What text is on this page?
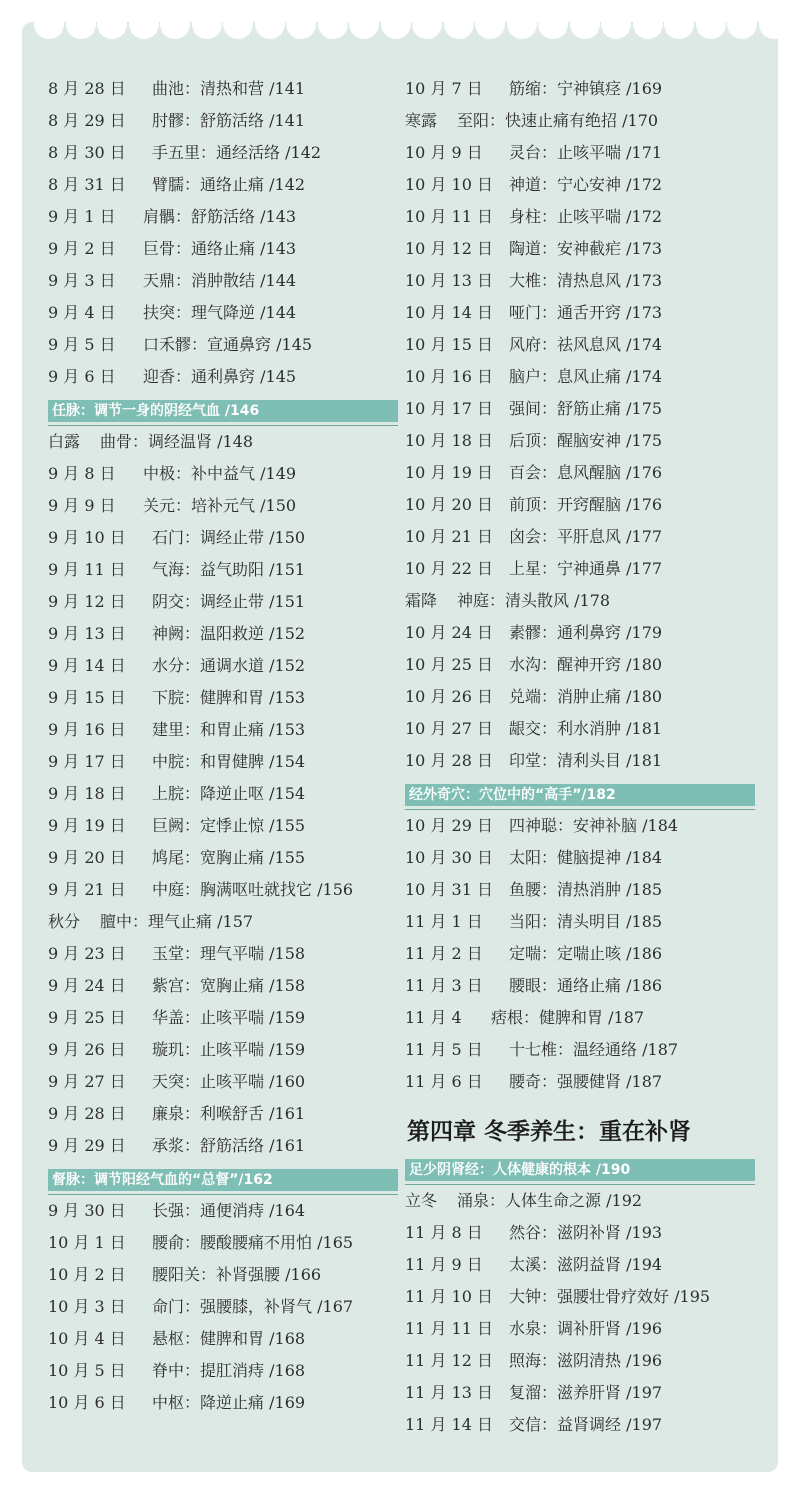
8 月 28 日 曲池：清热和营 /141
8 月 29 日 肘髎：舒筋活络 /141
8 月 30 日 手五里：通经活络 /142
8 月 31 日 臂臑：通络止痛 /142
9 月 1 日 肩髃：舒筋活络 /143
9 月 2 日 巨骨：通络止痛 /143
9 月 3 日 天鼎：消肿散结 /144
9 月 4 日 扶突：理气降逆 /144
9 月 5 日 口禾髎：宣通鼻窍 /145
9 月 6 日 迎香：通利鼻窍 /145
任脉：调节一身的阴经气血 /146
白露 曲骨：调经温肾 /148
9 月 8 日 中极：补中益气 /149
9 月 9 日 关元：培补元气 /150
9 月 10 日 石门：调经止带 /150
9 月 11 日 气海：益气助阳 /151
9 月 12 日 阴交：调经止带 /151
9 月 13 日 神阙：温阳救逆 /152
9 月 14 日 水分：通调水道 /152
9 月 15 日 下脘：健脾和胃 /153
9 月 16 日 建里：和胃止痛 /153
9 月 17 日 中脘：和胃健脾 /154
9 月 18 日 上脘：降逆止呕 /154
9 月 19 日 巨阙：定悸止惊 /155
9 月 20 日 鸠尾：宽胸止痛 /155
9 月 21 日 中庭：胸满呕吐就找它 /156
秋分 膻中：理气止痛 /157
9 月 23 日 玉堂：理气平喘 /158
9 月 24 日 紫宫：宽胸止痛 /158
9 月 25 日 华盖：止咳平喘 /159
9 月 26 日 璇玑：止咳平喘 /159
9 月 27 日 天突：止咳平喘 /160
9 月 28 日 廉泉：利喉舒舌 /161
9 月 29 日 承浆：舒筋活络 /161
督脉：调节阳经气血的“总督”/162
9 月 30 日 长强：通便消痔 /164
10 月 1 日 腰俞：腰酸腰痛不用怕 /165
10 月 2 日 腰阳关：补肾强腰 /166
10 月 3 日 命门：强腰膝，补肾气 /167
10 月 4 日 悬枢：健脾和胃 /168
10 月 5 日 脊中：提肛消痔 /168
10 月 6 日 中枢：降逆止痛 /169
10 月 7 日 筋缩：宁神镇痉 /169
寒露 至阳：快速止痛有绝招 /170
10 月 9 日 灵台：止咳平喘 /171
10 月 10 日 神道：宁心安神 /172
10 月 11 日 身柱：止咳平喘 /172
10 月 12 日 陶道：安神截疟 /173
10 月 13 日 大椎：清热息风 /173
10 月 14 日 哑门：通舌开窍 /173
10 月 15 日 风府：祛风息风 /174
10 月 16 日 脑户：息风止痛 /174
10 月 17 日 强间：舒筋止痛 /175
10 月 18 日 后顶：醒脑安神 /175
10 月 19 日 百会：息风醒脑 /176
10 月 20 日 前顶：开窍醒脑 /176
10 月 21 日 囟会：平肝息风 /177
10 月 22 日 上星：宁神通鼻 /177
霜降 神庭：清头散风 /178
10 月 24 日 素髎：通利鼻窍 /179
10 月 25 日 水沟：醒神开窍 /180
10 月 26 日 兑端：消肿止痛 /180
10 月 27 日 龈交：利水消肿 /181
10 月 28 日 印堂：清利头目 /181
经外奇穴：穴位中的“高手”/182
10 月 29 日 四神聪：安神补脑 /184
10 月 30 日 太阳：健脑提神 /184
10 月 31 日 鱼腰：清热消肿 /185
11 月 1 日 当阳：清头明目 /185
11 月 2 日 定喘：定喘止咳 /186
11 月 3 日 腰眼：通络止痛 /186
11 月 4 痞根：健脾和胃 /187
11 月 5 日 十七椎：温经通络 /187
11 月 6 日 腰奇：强腰健肾 /187
第四章 冬季养生：重在补肾
足少阴肾经：人体健康的根本 /190
立冬 涌泉：人体生命之源 /192
11 月 8 日 然谷：滋阴补肾 /193
11 月 9 日 太溪：滋阴益肾 /194
11 月 10 日 大钟：强腰壮骨疗效好 /195
11 月 11 日 水泉：调补肝肾 /196
11 月 12 日 照海：滋阴清热 /196
11 月 13 日 复溜：滋养肝肾 /197
11 月 14 日 交信：益肾调经 /197
